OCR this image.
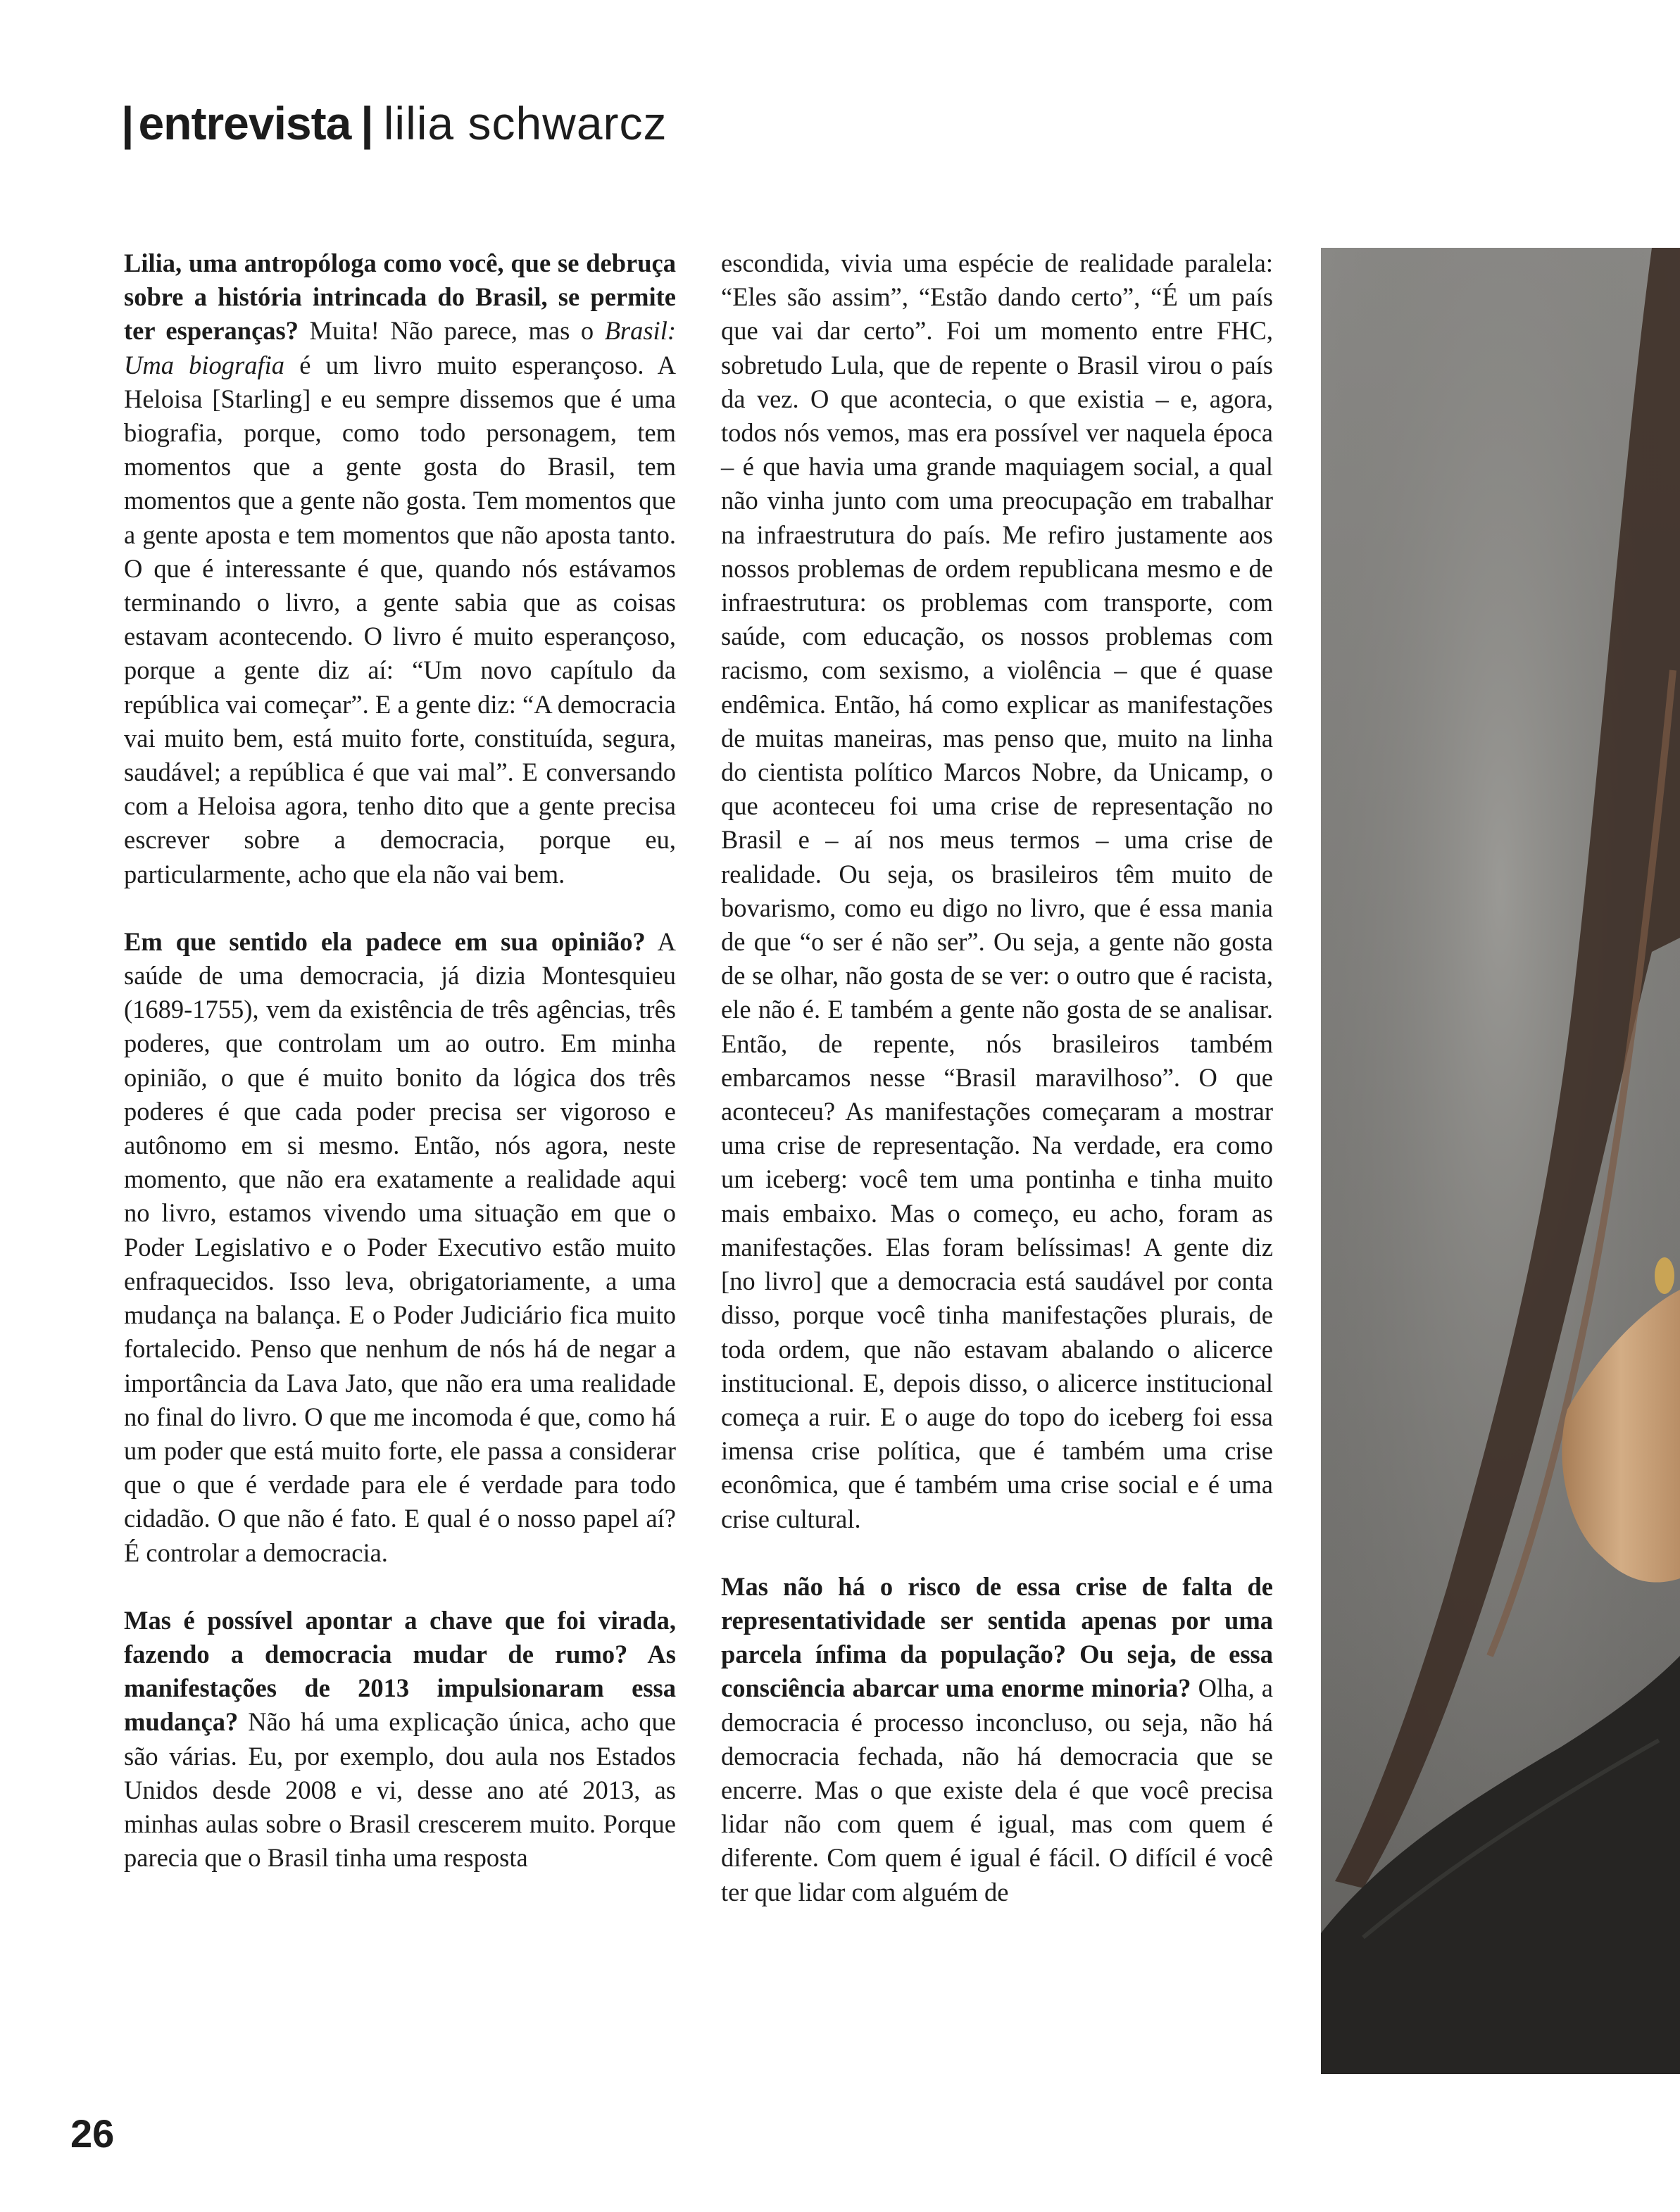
|entrevista | lilia schwarcz

Lilia, uma antropóloga como você, que se debruça sobre a história intrincada do Brasil, se permite ter esperanças? Muita! Não parece, mas o Brasil: Uma biografia é um livro muito esperançoso. A Heloisa [Starling] e eu sempre dissemos que é uma biografia, porque, como todo personagem, tem momentos que a gente gosta do Brasil, tem momentos que a gente não gosta. Tem momentos que a gente aposta e tem momentos que não aposta tanto. O que é interessante é que, quando nós estávamos terminando o livro, a gente sabia que as coisas estavam acontecendo. O livro é muito esperançoso, porque a gente diz aí: “Um novo capítulo da república vai começar”. E a gente diz: “A democracia vai muito bem, está muito forte, constituída, segura, saudável; a república é que vai mal”. E conversando com a Heloisa agora, tenho dito que a gente precisa escrever sobre a democracia, porque eu, particularmente, acho que ela não vai bem.

Em que sentido ela padece em sua opinião? A saúde de uma democracia, já dizia Montesquieu (1689-1755), vem da existência de três agências, três poderes, que controlam um ao outro. Em minha opinião, o que é muito bonito da lógica dos três poderes é que cada poder precisa ser vigoroso e autônomo em si mesmo. Então, nós agora, neste momento, que não era exatamente a realidade aqui no livro, estamos vivendo uma situação em que o Poder Legislativo e o Poder Executivo estão muito enfraquecidos. Isso leva, obrigatoriamente, a uma mudança na balança. E o Poder Judiciário fica muito fortalecido. Penso que nenhum de nós há de negar a importância da Lava Jato, que não era uma realidade no final do livro. O que me incomoda é que, como há um poder que está muito forte, ele passa a considerar que o que é verdade para ele é verdade para todo cidadão. O que não é fato. E qual é o nosso papel aí? É controlar a democracia.

Mas é possível apontar a chave que foi virada, fazendo a democracia mudar de rumo? As manifestações de 2013 impulsionaram essa mudança? Não há uma explicação única, acho que são várias. Eu, por exemplo, dou aula nos Estados Unidos desde 2008 e vi, desse ano até 2013, as minhas aulas sobre o Brasil crescerem muito. Porque parecia que o Brasil tinha uma resposta

escondida, vivia uma espécie de realidade paralela: “Eles são assim”, “Estão dando certo”, “É um país que vai dar certo”. Foi um momento entre FHC, sobretudo Lula, que de repente o Brasil virou o país da vez. O que acontecia, o que existia – e, agora, todos nós vemos, mas era possível ver naquela época – é que havia uma grande maquiagem social, a qual não vinha junto com uma preocupação em trabalhar na infraestrutura do país. Me refiro justamente aos nossos problemas de ordem republicana mesmo e de infraestrutura: os problemas com transporte, com saúde, com educação, os nossos problemas com racismo, com sexismo, a violência – que é quase endêmica. Então, há como explicar as manifestações de muitas maneiras, mas penso que, muito na linha do cientista político Marcos Nobre, da Unicamp, o que aconteceu foi uma crise de representação no Brasil e – aí nos meus termos – uma crise de realidade. Ou seja, os brasileiros têm muito de bovarismo, como eu digo no livro, que é essa mania de que “o ser é não ser”. Ou seja, a gente não gosta de se olhar, não gosta de se ver: o outro que é racista, ele não é. E também a gente não gosta de se analisar. Então, de repente, nós brasileiros também embarcamos nesse “Brasil maravilhoso”. O que aconteceu? As manifestações começaram a mostrar uma crise de representação. Na verdade, era como um iceberg: você tem uma pontinha e tinha muito mais embaixo. Mas o começo, eu acho, foram as manifestações. Elas foram belíssimas! A gente diz [no livro] que a democracia está saudável por conta disso, porque você tinha manifestações plurais, de toda ordem, que não estavam abalando o alicerce institucional. E, depois disso, o alicerce institucional começa a ruir. E o auge do topo do iceberg foi essa imensa crise política, que é também uma crise econômica, que é também uma crise social e é uma crise cultural.

Mas não há o risco de essa crise de falta de representatividade ser sentida apenas por uma parcela ínfima da população? Ou seja, de essa consciência abarcar uma enorme minoria? Olha, a democracia é processo inconcluso, ou seja, não há democracia fechada, não há democracia que se encerre. Mas o que existe dela é que você precisa lidar não com quem é igual, mas com quem é diferente. Com quem é igual é fácil. O difícil é você ter que lidar com alguém de

26
